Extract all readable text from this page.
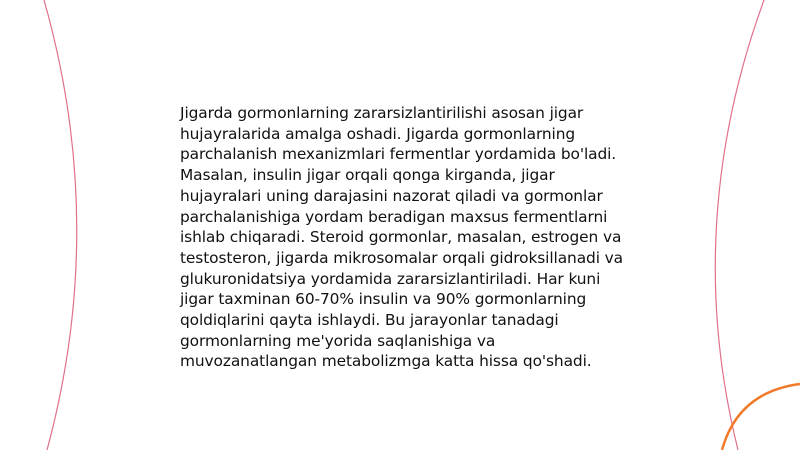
Jigarda gormonlarning zararsizlantirilishi asosan jigar hujayralarida amalga oshadi. Jigarda gormonlarning parchalanish mexanizmlari fermentlar yordamida bo'ladi. Masalan, insulin jigar orqali qonga kirganda, jigar hujayralari uning darajasini nazorat qiladi va gormonlar parchalanishiga yordam beradigan maxsus fermentlarni ishlab chiqaradi. Steroid gormonlar, masalan, estrogen va testosteron, jigarda mikrosomalar orqali gidroksillanadi va glukuronidatsiya yordamida zararsizlantiriladi. Har kuni jigar taxminan 60-70% insulin va 90% gormonlarning qoldiqlarini qayta ishlaydi. Bu jarayonlar tanadagi gormonlarning me'yorida saqlanishiga va muvozanatlangan metabolizmga katta hissa qo'shadi.
